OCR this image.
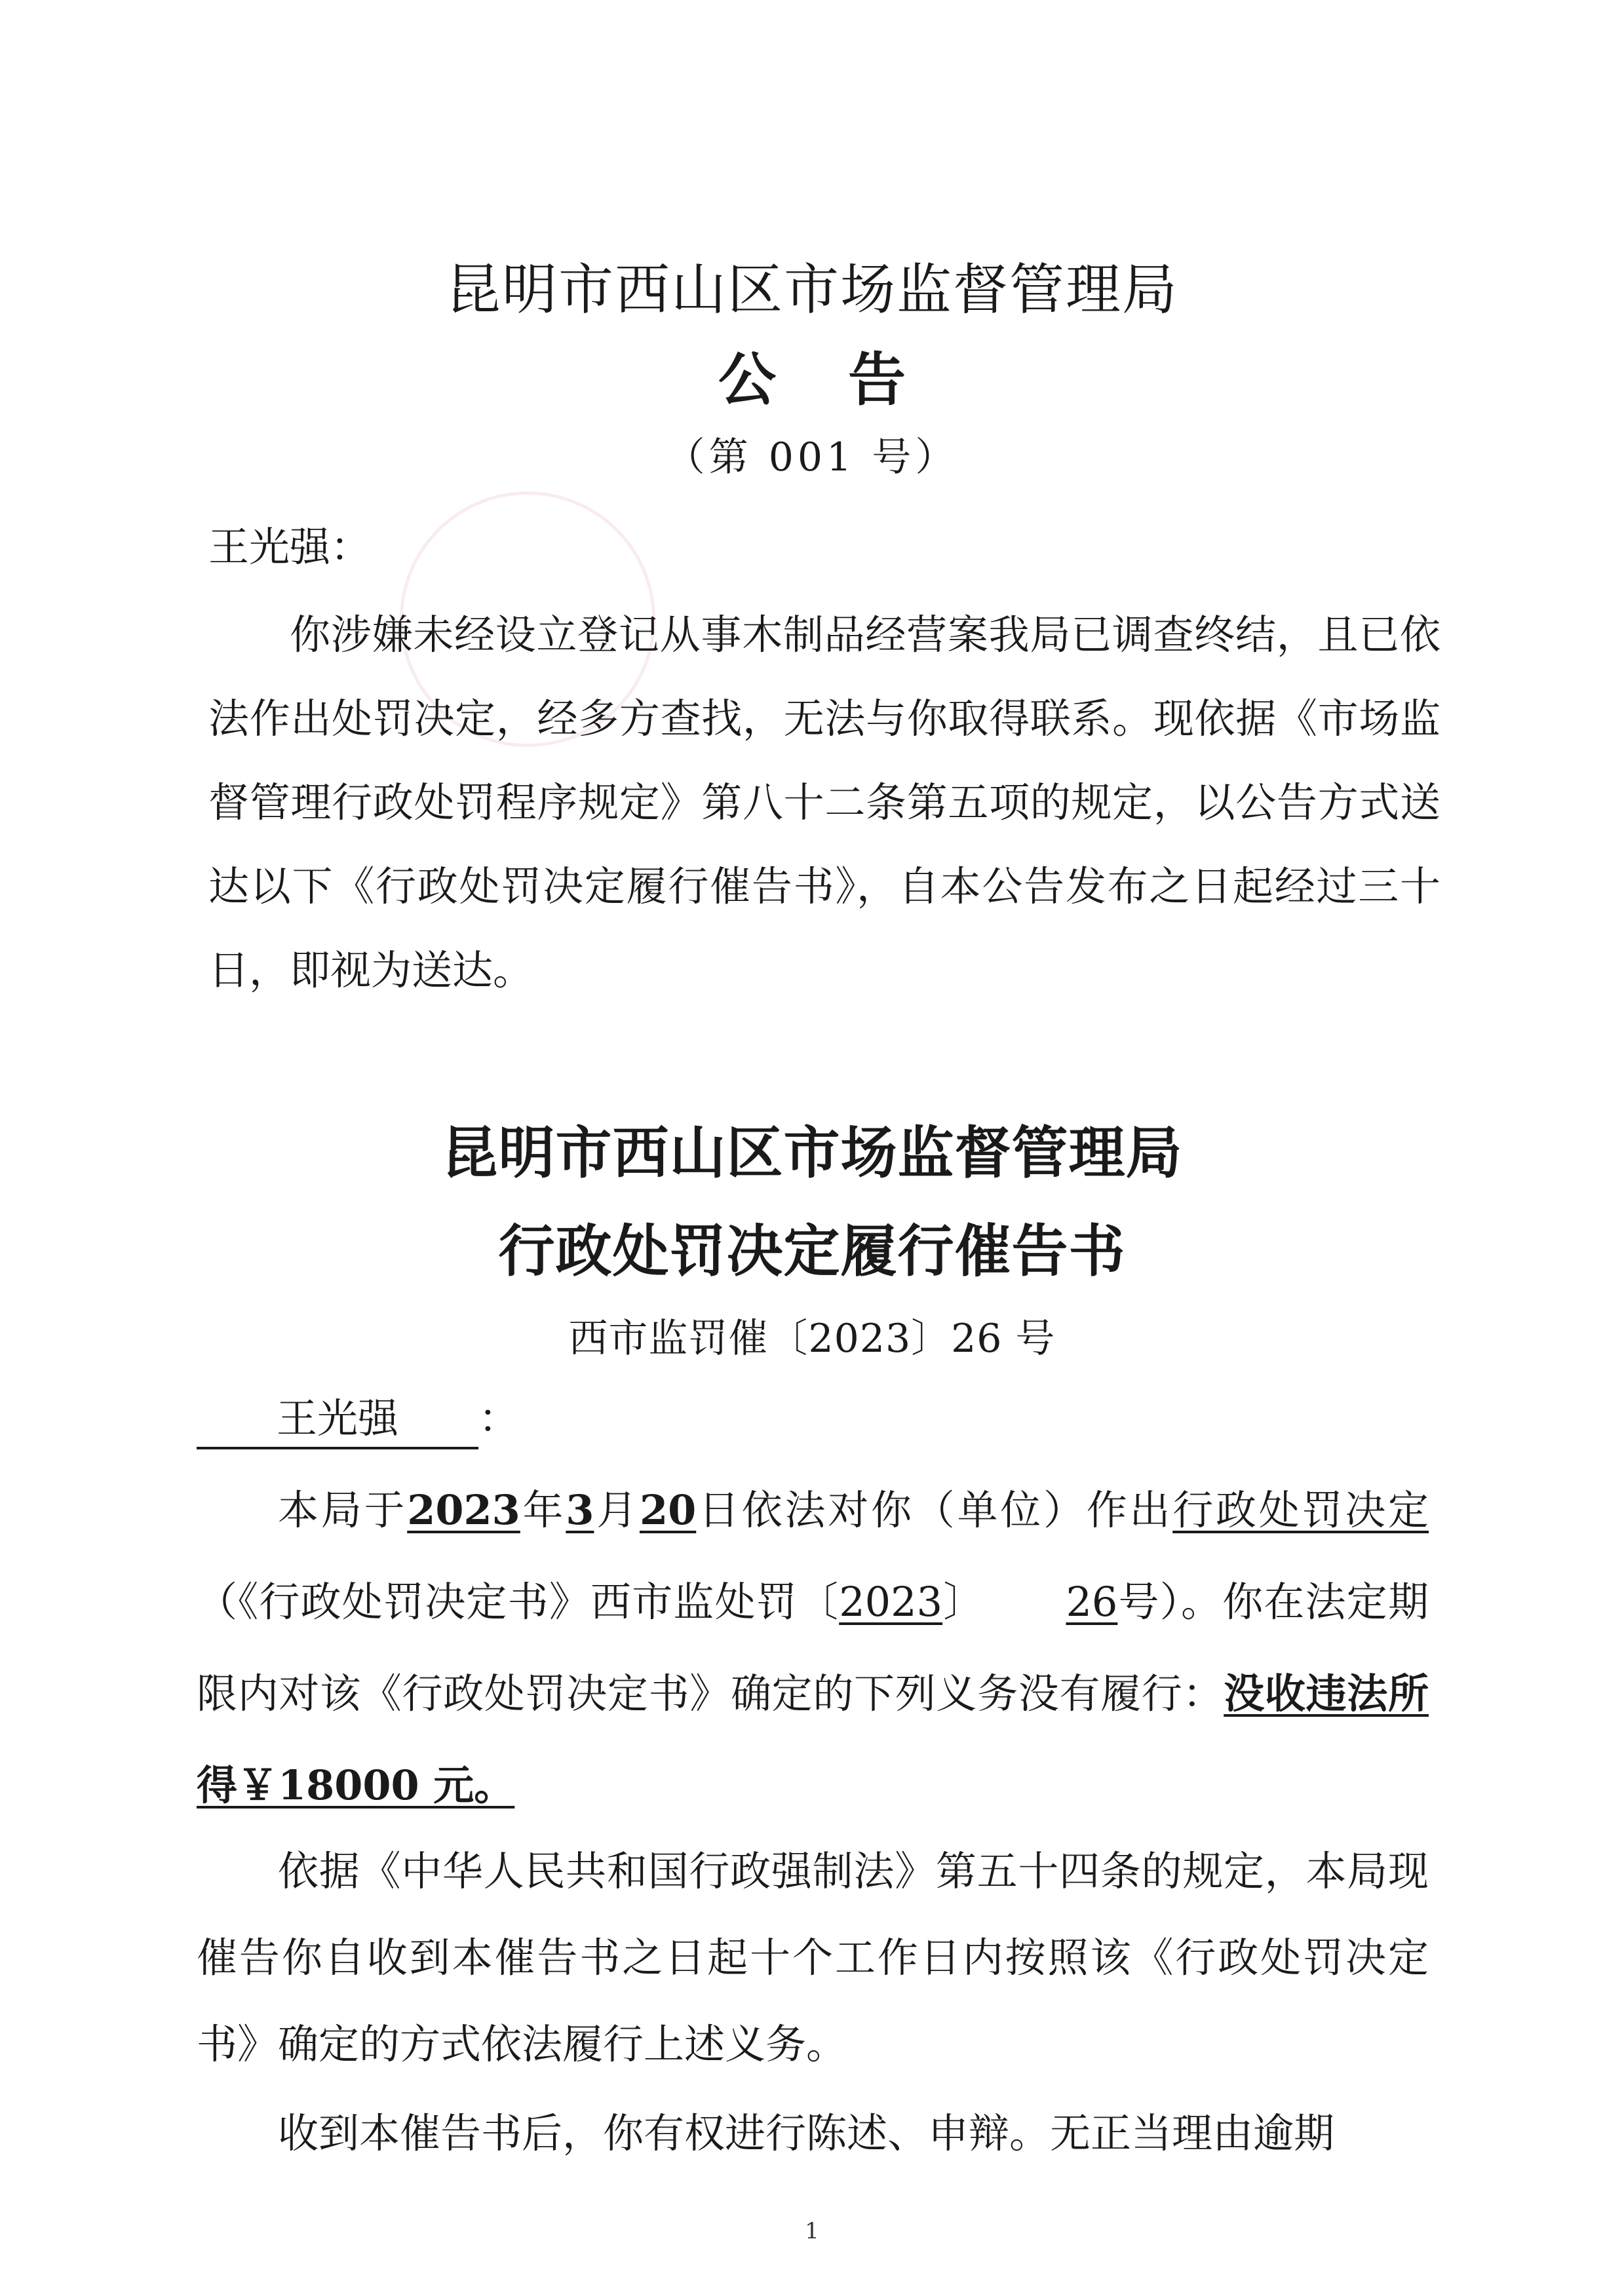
昆明市西山区市场监督管理局
公告
（第 001 号）
王光强：
你涉嫌未经设立登记从事木制品经营案我局已调查终结，且已依法作出处罚决定，经多方查找，无法与你取得联系。现依据《市场监督管理行政处罚程序规定》第八十二条第五项的规定，以公告方式送达以下《行政处罚决定履行催告书》，自本公告发布之日起经过三十日，即视为送达。
昆明市西山区市场监督管理局
行政处罚决定履行催告书
西市监罚催〔2023〕26 号
王光强 ：
本局于2023年3月20日依法对你（单位）作出行政处罚决定（《行政处罚决定书》西市监处罚〔2023〕 26号）。你在法定期限内对该《行政处罚决定书》确定的下列义务没有履行：没收违法所得￥18000 元。
依据《中华人民共和国行政强制法》第五十四条的规定，本局现催告你自收到本催告书之日起十个工作日内按照该《行政处罚决定书》确定的方式依法履行上述义务。
收到本催告书后，你有权进行陈述、申辩。无正当理由逾期
1
